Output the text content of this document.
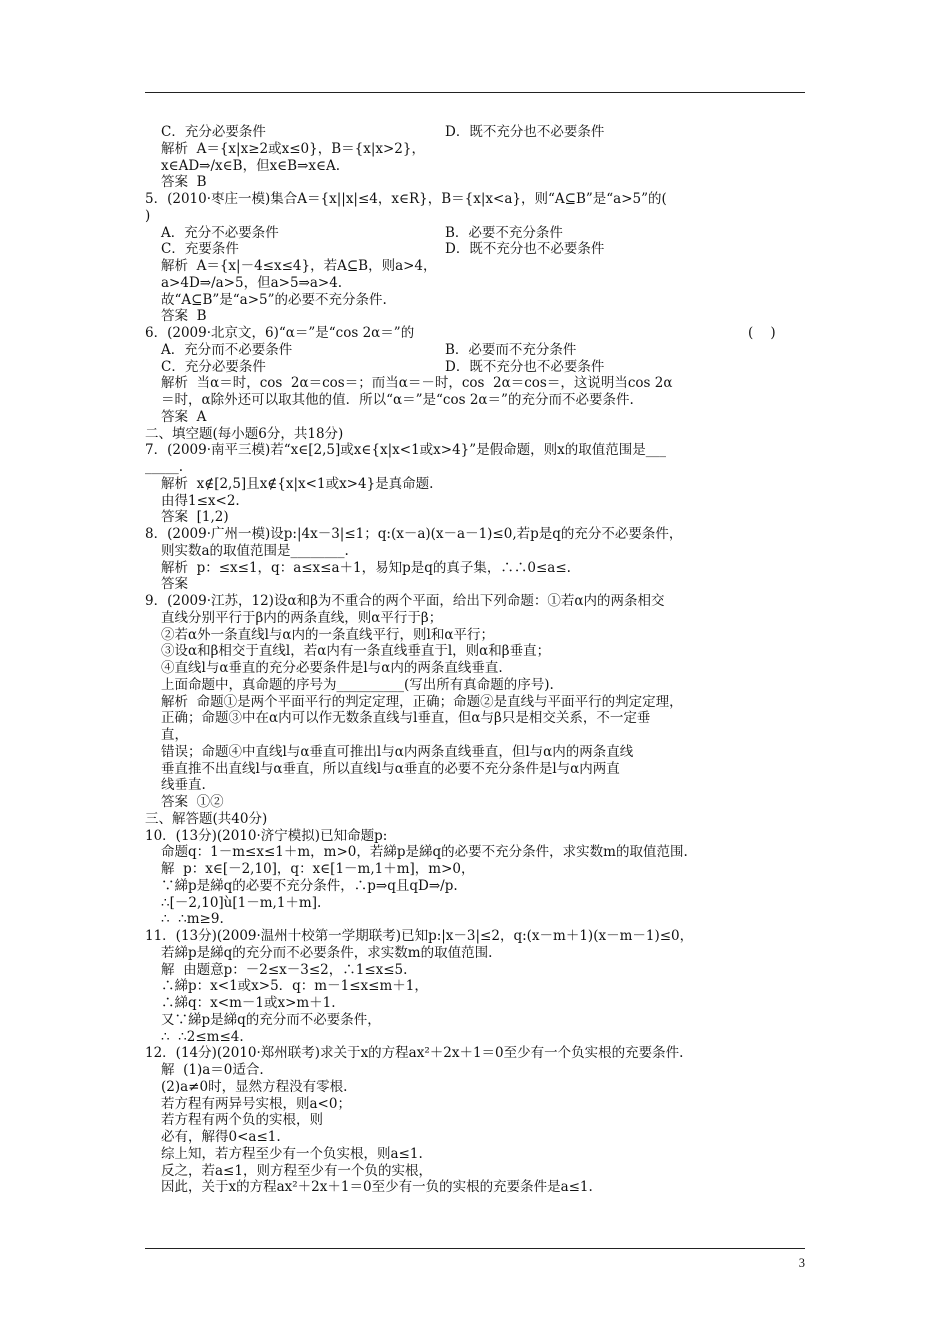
C．充分必要条件	D．既不充分也不必要条件
解析  A＝{x|x≥2或x≤0}，B＝{x|x>2}，
x∈AD⇒/x∈B，但x∈B⇒x∈A.
答案  B
5．(2010·枣庄一模)集合A＝{x||x|≤4，x∈R}，B＝{x|x<a}，则“A⊆B”是“a>5”的(
)
A．充分不必要条件	B．必要不充分条件
C．充要条件	D．既不充分也不必要条件
解析  A＝{x|－4≤x≤4}，若A⊆B，则a>4，
a>4D⇒/a>5，但a>5⇒a>4.
故“A⊆B”是“a>5”的必要不充分条件.
答案  B
6．(2009·北京文，6)“α＝”是“cos 2α＝”的	(    )
A．充分而不必要条件	B．必要而不充分条件
C．充分必要条件	D．既不充分也不必要条件
解析  当α＝时，cos  2α＝cos＝；而当α＝－时，cos  2α＝cos＝，这说明当cos 2α
＝时，α除外还可以取其他的值．所以“α＝”是“cos 2α＝”的充分而不必要条件.
答案  A
二、填空题(每小题6分，共18分)
7．(2009·南平三模)若“x∈[2,5]或x∈{x|x<1或x>4}”是假命题，则x的取值范围是___
_____.
解析  x∉[2,5]且x∉{x|x<1或x>4}是真命题.
由得1≤x<2.
答案  [1,2)
8．(2009·广州一模)设p:|4x－3|≤1；q:(x－a)(x－a－1)≤0,若p是q的充分不必要条件，
则实数a的取值范围是________.
解析  p：≤x≤1，q：a≤x≤a＋1，易知p是q的真子集，∴∴0≤a≤.
答案
9．(2009·江苏，12)设α和β为不重合的两个平面，给出下列命题：①若α内的两条相交
直线分别平行于β内的两条直线，则α平行于β；
②若α外一条直线l与α内的一条直线平行，则l和α平行；
③设α和β相交于直线l，若α内有一条直线垂直于l，则α和β垂直；
④直线l与α垂直的充分必要条件是l与α内的两条直线垂直.
上面命题中，真命题的序号为__________(写出所有真命题的序号).
解析  命题①是两个平面平行的判定定理，正确；命题②是直线与平面平行的判定定理，
正确；命题③中在α内可以作无数条直线与l垂直，但α与β只是相交关系，不一定垂
直，
错误；命题④中直线l与α垂直可推出l与α内两条直线垂直，但l与α内的两条直线
垂直推不出直线l与α垂直，所以直线l与α垂直的必要不充分条件是l与α内两直
线垂直.
答案  ①②
三、解答题(共40分)
10．(13分)(2010·济宁模拟)已知命题p:
命题q：1－m≤x≤1＋m，m>0，若綈p是綈q的必要不充分条件，求实数m的取值范围.
解  p：x∈[－2,10]，q：x∈[1－m,1＋m]，m>0，
∵綈p是綈q的必要不充分条件，∴p⇒q且qD⇒/p.
∴[－2,10]ù[1－m,1＋m].
∴  ∴m≥9.
11．(13分)(2009·温州十校第一学期联考)已知p:|x－3|≤2，q:(x－m＋1)(x－m－1)≤0，
若綈p是綈q的充分而不必要条件，求实数m的取值范围.
解  由题意p：－2≤x－3≤2，∴1≤x≤5.
∴綈p：x<1或x>5．q：m－1≤x≤m＋1，
∴綈q：x<m－1或x>m＋1.
又∵綈p是綈q的充分而不必要条件，
∴  ∴2≤m≤4.
12．(14分)(2010·郑州联考)求关于x的方程ax²＋2x＋1＝0至少有一个负实根的充要条件.
解  (1)a＝0适合.
(2)a≠0时，显然方程没有零根.
若方程有两异号实根，则a<0；
若方程有两个负的实根，则
必有，解得0<a≤1.
综上知，若方程至少有一个负实根，则a≤1.
反之，若a≤1，则方程至少有一个负的实根，
因此，关于x的方程ax²＋2x＋1＝0至少有一负的实根的充要条件是a≤1.
3
